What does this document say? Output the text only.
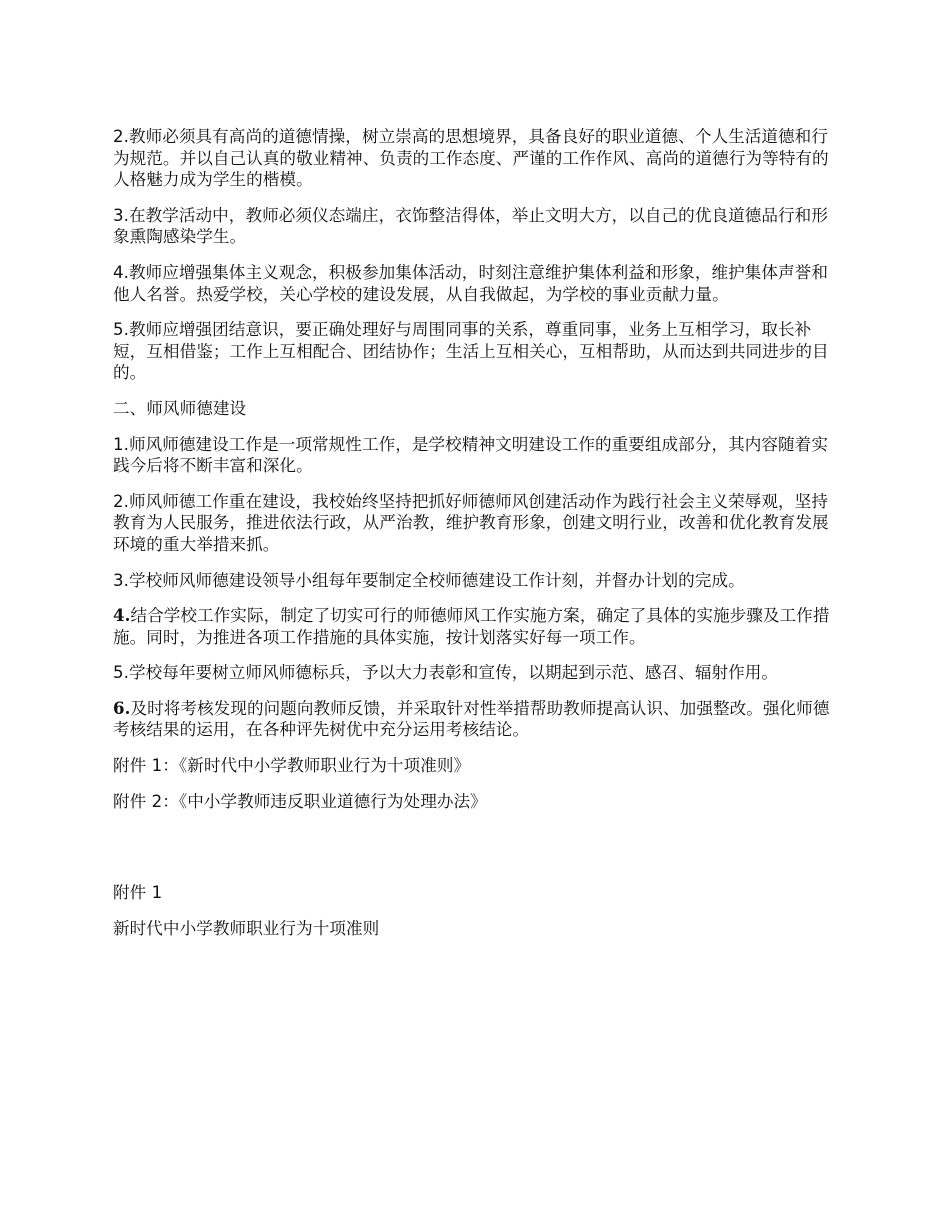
2.教师必须具有高尚的道德情操，树立崇高的思想境界，具备良好的职业道德、个人生活道德和行为规范。并以自己认真的敬业精神、负责的工作态度、严谨的工作作风、高尚的道德行为等特有的人格魅力成为学生的楷模。

3.在教学活动中，教师必须仪态端庄，衣饰整洁得体，举止文明大方，以自己的优良道德品行和形象熏陶感染学生。

4.教师应增强集体主义观念，积极参加集体活动，时刻注意维护集体利益和形象，维护集体声誉和他人名誉。热爱学校，关心学校的建设发展，从自我做起，为学校的事业贡献力量。

5.教师应增强团结意识，要正确处理好与周围同事的关系，尊重同事，业务上互相学习，取长补短，互相借鉴；工作上互相配合、团结协作；生活上互相关心，互相帮助，从而达到共同进步的目的。

二、师风师德建设

1.师风师德建设工作是一项常规性工作，是学校精神文明建设工作的重要组成部分，其内容随着实践今后将不断丰富和深化。

2.师风师德工作重在建设，我校始终坚持把抓好师德师风创建活动作为践行社会主义荣辱观，坚持教育为人民服务，推进依法行政，从严治教，维护教育形象，创建文明行业，改善和优化教育发展环境的重大举措来抓。

3.学校师风师德建设领导小组每年要制定全校师德建设工作计刻，并督办计划的完成。

4.结合学校工作实际，制定了切实可行的师德师风工作实施方案，确定了具体的实施步骤及工作措施。同时，为推进各项工作措施的具体实施，按计划落实好每一项工作。

5.学校每年要树立师风师德标兵，予以大力表彰和宣传，以期起到示范、感召、辐射作用。

6.及时将考核发现的问题向教师反馈，并采取针对性举措帮助教师提高认识、加强整改。强化师德考核结果的运用，在各种评先树优中充分运用考核结论。

附件 1：《新时代中小学教师职业行为十项准则》

附件 2：《中小学教师违反职业道德行为处理办法》

附件 1

新时代中小学教师职业行为十项准则
